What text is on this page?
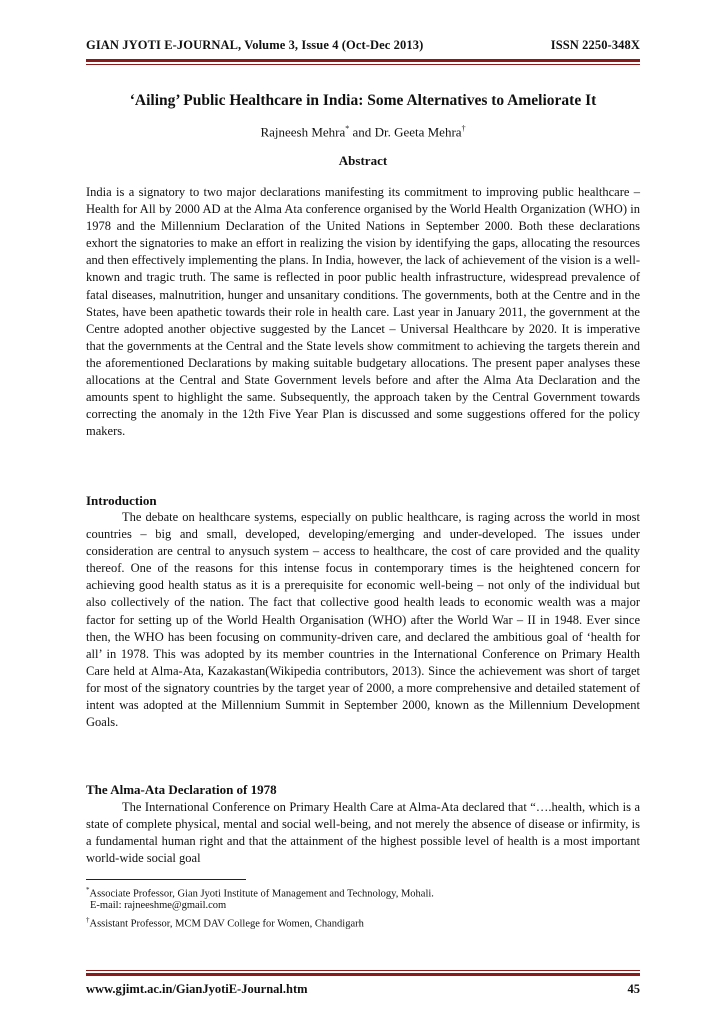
GIAN JYOTI E-JOURNAL, Volume 3, Issue 4 (Oct-Dec 2013)	ISSN 2250-348X
‘Ailing’ Public Healthcare in India: Some Alternatives to Ameliorate It
Rajneesh Mehra* and Dr. Geeta Mehra†
Abstract

India is a signatory to two major declarations manifesting its commitment to improving public healthcare – Health for All by 2000 AD at the Alma Ata conference organised by the World Health Organization (WHO) in 1978 and the Millennium Declaration of the United Nations in September 2000. Both these declarations exhort the signatories to make an effort in realizing the vision by identifying the gaps, allocating the resources and then effectively implementing the plans. In India, however, the lack of achievement of the vision is a well-known and tragic truth. The same is reflected in poor public health infrastructure, widespread prevalence of fatal diseases, malnutrition, hunger and unsanitary conditions. The governments, both at the Centre and in the States, have been apathetic towards their role in health care. Last year in January 2011, the government at the Centre adopted another objective suggested by the Lancet – Universal Healthcare by 2020. It is imperative that the governments at the Central and the State levels show commitment to achieving the targets therein and the aforementioned Declarations by making suitable budgetary allocations. The present paper analyses these allocations at the Central and State Government levels before and after the Alma Ata Declaration and the amounts spent to highlight the same. Subsequently, the approach taken by the Central Government towards correcting the anomaly in the 12th Five Year Plan is discussed and some suggestions offered for the policy makers.

Introduction

The debate on healthcare systems, especially on public healthcare, is raging across the world in most countries – big and small, developed, developing/emerging and under-developed. The issues under consideration are central to anysuch system – access to healthcare, the cost of care provided and the quality thereof. One of the reasons for this intense focus in contemporary times is the heightened concern for achieving good health status as it is a prerequisite for economic well-being – not only of the individual but also collectively of the nation. The fact that collective good health leads to economic wealth was a major factor for setting up of the World Health Organisation (WHO) after the World War – II in 1948. Ever since then, the WHO has been focusing on community-driven care, and declared the ambitious goal of ‘health for all’ in 1978. This was adopted by its member countries in the International Conference on Primary Health Care held at Alma-Ata, Kazakastan(Wikipedia contributors, 2013). Since the achievement was short of target for most of the signatory countries by the target year of 2000, a more comprehensive and detailed statement of intent was adopted at the Millennium Summit in September 2000, known as the Millennium Development Goals.

The Alma-Ata Declaration of 1978

The International Conference on Primary Health Care at Alma-Ata declared that “….health, which is a state of complete physical, mental and social well-being, and not merely the absence of disease or infirmity, is a fundamental human right and that the attainment of the highest possible level of health is a most important world-wide social goal

*Associate Professor, Gian Jyoti Institute of Management and Technology, Mohali.
E-mail: rajneeshme@gmail.com
†Assistant Professor, MCM DAV College for Women, Chandigarh
www.gjimt.ac.in/GianJyotiE-Journal.htm	45
